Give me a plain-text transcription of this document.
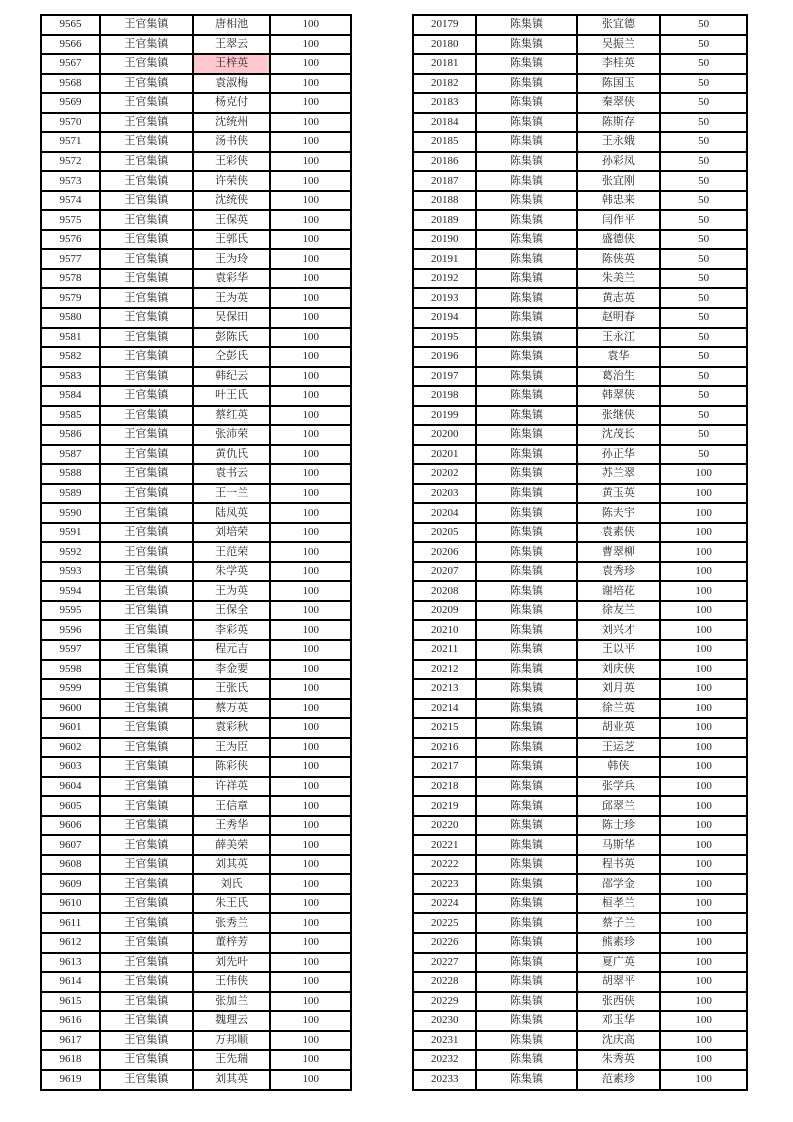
9565	王官集镇	唐相池	100
9566	王官集镇	王翠云	100
9567	王官集镇	王梓英	100
9568	王官集镇	袁淑梅	100
9569	王官集镇	杨克付	100
9570	王官集镇	沈统州	100
9571	王官集镇	汤书侠	100
9572	王官集镇	王彩侠	100
9573	王官集镇	许荣侠	100
9574	王官集镇	沈统侠	100
9575	王官集镇	王保英	100
9576	王官集镇	王郭氏	100
9577	王官集镇	王为玲	100
9578	王官集镇	袁彩华	100
9579	王官集镇	王为英	100
9580	王官集镇	吴保田	100
9581	王官集镇	彭陈氏	100
9582	王官集镇	仝彭氏	100
9583	王官集镇	韩纪云	100
9584	王官集镇	叶王氏	100
9585	王官集镇	蔡红英	100
9586	王官集镇	张沛荣	100
9587	王官集镇	黄仇氏	100
9588	王官集镇	袁书云	100
9589	王官集镇	王一兰	100
9590	王官集镇	陆凤英	100
9591	王官集镇	刘培荣	100
9592	王官集镇	王范荣	100
9593	王官集镇	朱学英	100
9594	王官集镇	王为英	100
9595	王官集镇	王保全	100
9596	王官集镇	李彩英	100
9597	王官集镇	程元吉	100
9598	王官集镇	李金要	100
9599	王官集镇	王张氏	100
9600	王官集镇	蔡万英	100
9601	王官集镇	袁彩秋	100
9602	王官集镇	王为臣	100
9603	王官集镇	陈彩侠	100
9604	王官集镇	许祥英	100
9605	王官集镇	王信章	100
9606	王官集镇	王秀华	100
9607	王官集镇	薛美荣	100
9608	王官集镇	刘其英	100
9609	王官集镇	刘氏	100
9610	王官集镇	朱王氏	100
9611	王官集镇	张秀兰	100
9612	王官集镇	董梓芳	100
9613	王官集镇	刘先叶	100
9614	王官集镇	王伟侠	100
9615	王官集镇	张加兰	100
9616	王官集镇	魏理云	100
9617	王官集镇	万邦顺	100
9618	王官集镇	王先瑞	100
9619	王官集镇	刘其英	100
20179	陈集镇	张宜德	50
20180	陈集镇	吴振兰	50
20181	陈集镇	李桂英	50
20182	陈集镇	陈国玉	50
20183	陈集镇	秦翠侠	50
20184	陈集镇	陈斯存	50
20185	陈集镇	王永娥	50
20186	陈集镇	孙彩凤	50
20187	陈集镇	张宜刚	50
20188	陈集镇	韩忠来	50
20189	陈集镇	闫作平	50
20190	陈集镇	盛德侠	50
20191	陈集镇	陈侠英	50
20192	陈集镇	朱美兰	50
20193	陈集镇	黄志英	50
20194	陈集镇	赵明春	50
20195	陈集镇	王永江	50
20196	陈集镇	袁华	50
20197	陈集镇	葛治生	50
20198	陈集镇	韩翠侠	50
20199	陈集镇	张继侠	50
20200	陈集镇	沈茂长	50
20201	陈集镇	孙正华	50
20202	陈集镇	苏兰翠	100
20203	陈集镇	黄玉英	100
20204	陈集镇	陈夫宇	100
20205	陈集镇	袁素侠	100
20206	陈集镇	曹翠柳	100
20207	陈集镇	袁秀珍	100
20208	陈集镇	谢培花	100
20209	陈集镇	徐友兰	100
20210	陈集镇	刘兴才	100
20211	陈集镇	王以平	100
20212	陈集镇	刘庆侠	100
20213	陈集镇	刘月英	100
20214	陈集镇	徐兰英	100
20215	陈集镇	胡业英	100
20216	陈集镇	王运芝	100
20217	陈集镇	韩侠	100
20218	陈集镇	张学兵	100
20219	陈集镇	邱翠兰	100
20220	陈集镇	陈士珍	100
20221	陈集镇	马斯华	100
20222	陈集镇	程书英	100
20223	陈集镇	邵学金	100
20224	陈集镇	桓孝兰	100
20225	陈集镇	蔡子兰	100
20226	陈集镇	熊素珍	100
20227	陈集镇	夏广英	100
20228	陈集镇	胡翠平	100
20229	陈集镇	张西侠	100
20230	陈集镇	邓玉华	100
20231	陈集镇	沈庆高	100
20232	陈集镇	朱秀英	100
20233	陈集镇	范素珍	100
